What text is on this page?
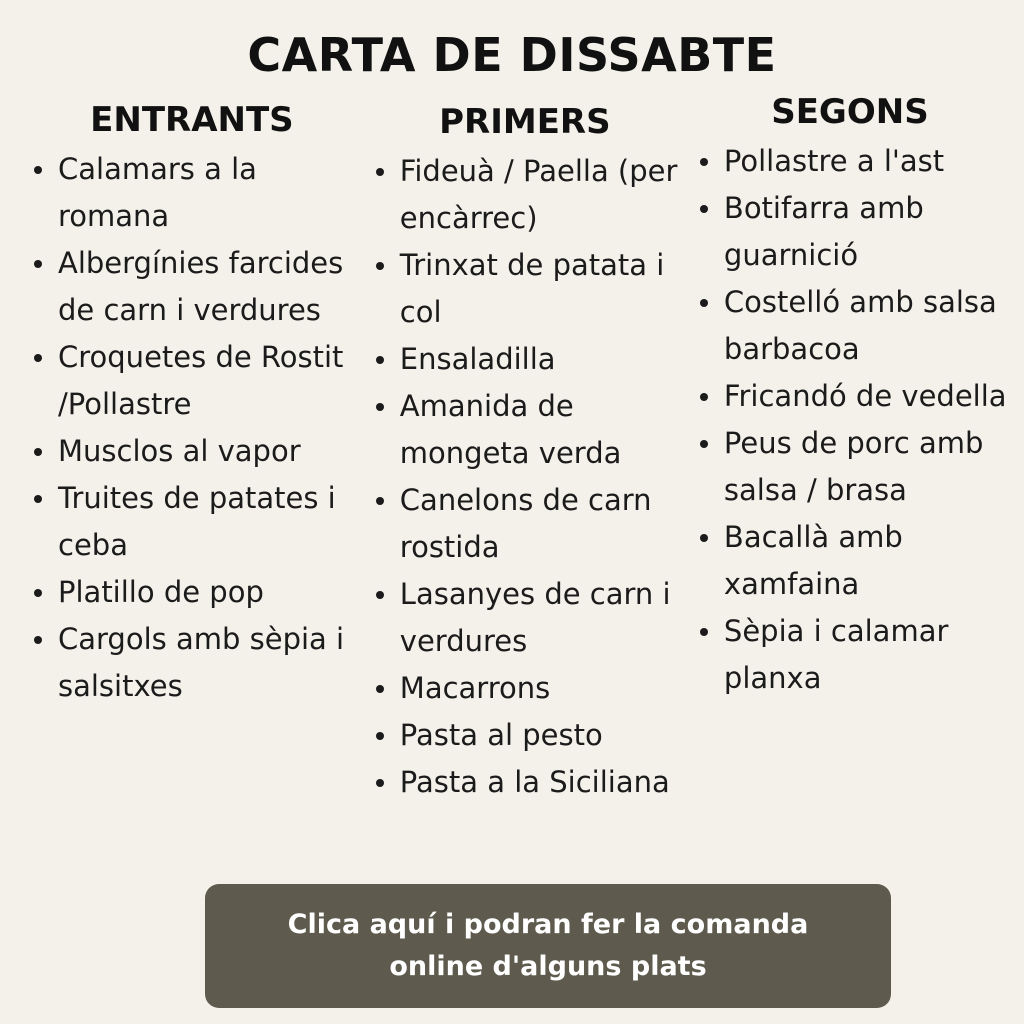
CARTA DE DISSABTE
ENTRANTS
Calamars a la romana
Albergínies farcides de carn i verdures
Croquetes de Rostit /Pollastre
Musclos al vapor
Truites de patates i ceba
Platillo de pop
Cargols amb sèpia i salsitxes
PRIMERS
Fideuà / Paella (per encàrrec)
Trinxat de patata i col
Ensaladilla
Amanida de mongeta verda
Canelons de carn rostida
Lasanyes de carn i verdures
Macarrons
Pasta al pesto
Pasta a la Siciliana
SEGONS
Pollastre a l'ast
Botifarra amb guarnició
Costelló amb salsa barbacoa
Fricandó de vedella
Peus de porc amb salsa / brasa
Bacallà amb xamfaina
Sèpia i calamar planxa
Clica aquí i podran fer la comanda
online d'alguns plats
